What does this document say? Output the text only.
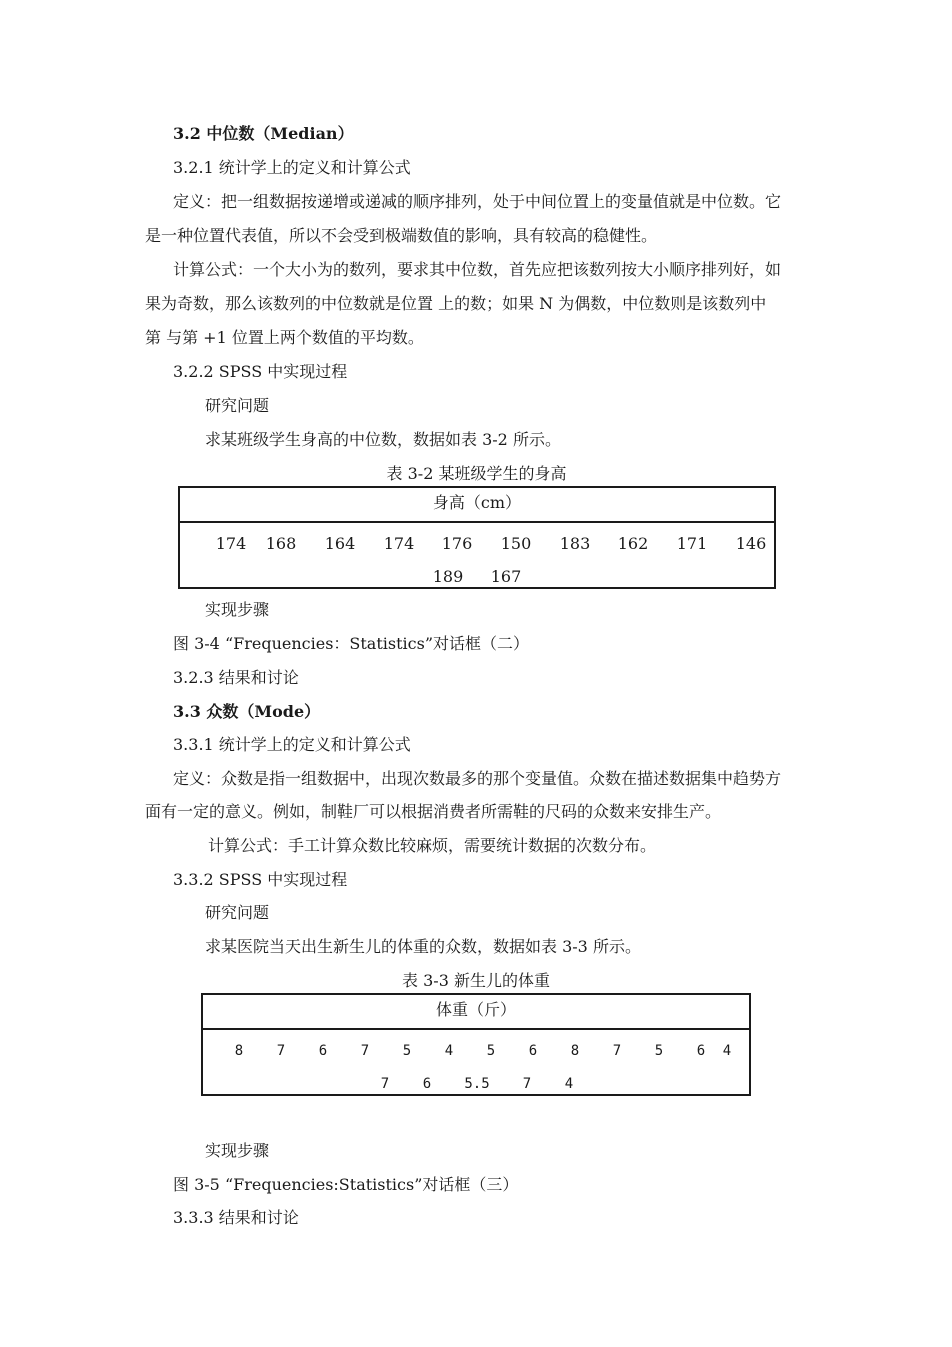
3.2 中位数（Median）
3.2.1 统计学上的定义和计算公式
定义：把一组数据按递增或递减的顺序排列，处于中间位置上的变量值就是中位数。它
是一种位置代表值，所以不会受到极端数值的影响，具有较高的稳健性。
计算公式：一个大小为的数列，要求其中位数，首先应把该数列按大小顺序排列好，如
果为奇数，那么该数列的中位数就是位置 上的数；如果 N 为偶数，中位数则是该数列中
第 与第 +1 位置上两个数值的平均数。
3.2.2 SPSS 中实现过程
研究问题
求某班级学生身高的中位数，数据如表 3-2 所示。
表 3-2 某班级学生的身高
身高（cm）
174	168	164	174	176	150	183	162	171	146
189	167
实现步骤
图 3-4 “Frequencies：Statistics”对话框（二）
3.2.3 结果和讨论
3.3 众数（Mode）
3.3.1 统计学上的定义和计算公式
定义：众数是指一组数据中，出现次数最多的那个变量值。众数在描述数据集中趋势方
面有一定的意义。例如，制鞋厂可以根据消费者所需鞋的尺码的众数来安排生产。
计算公式：手工计算众数比较麻烦，需要统计数据的次数分布。
3.3.2 SPSS 中实现过程
研究问题
求某医院当天出生新生儿的体重的众数，数据如表 3-3 所示。
表 3-3 新生儿的体重
体重（斤）
8	7	6	7	5	4	5	6	8	7	5	6	4
7	6	5.5	7	4
实现步骤
图 3-5 “Frequencies:Statistics”对话框（三）
3.3.3 结果和讨论
